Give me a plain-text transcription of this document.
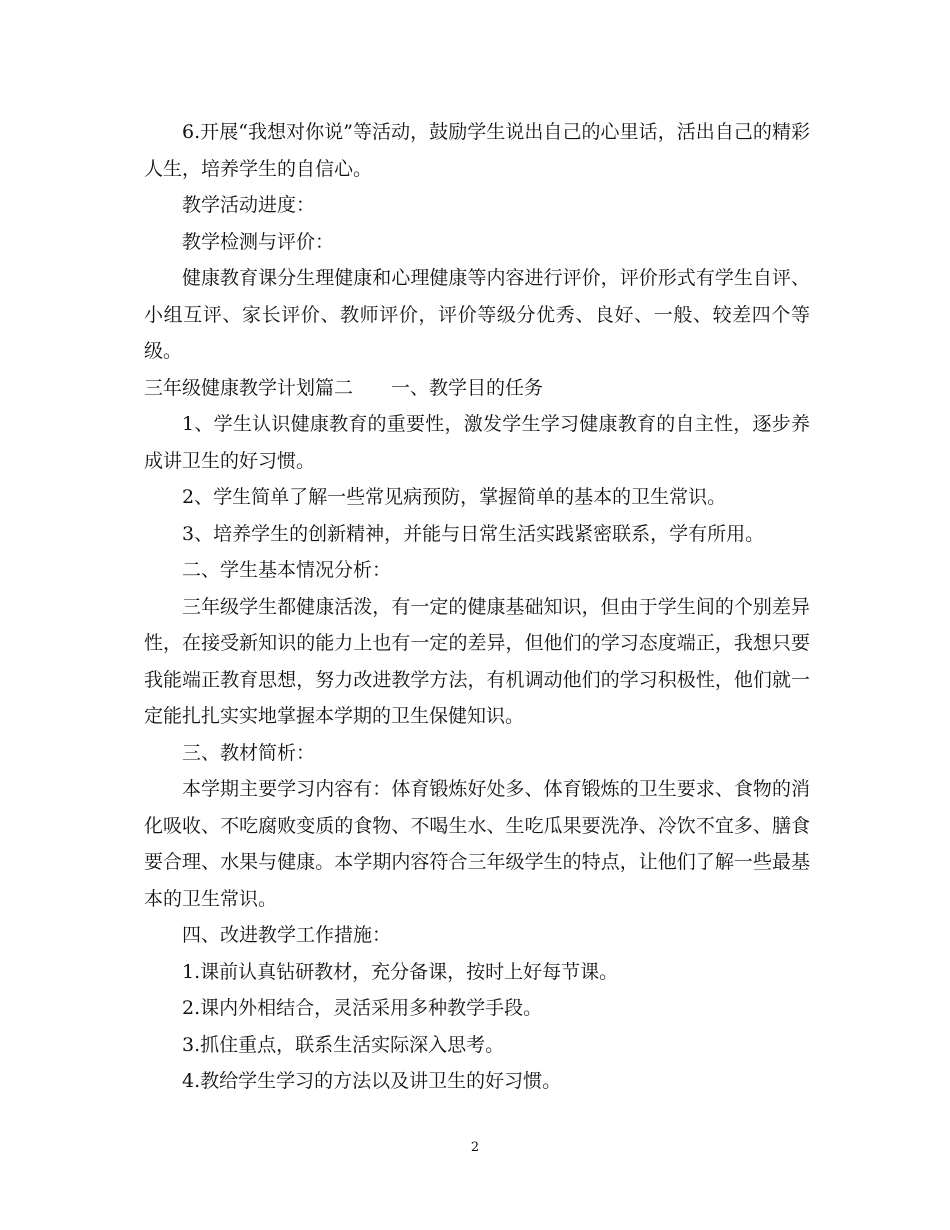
6.开展“我想对你说”等活动，鼓励学生说出自己的心里话，活出自己的精彩人生，培养学生的自信心。

教学活动进度：

教学检测与评价：

健康教育课分生理健康和心理健康等内容进行评价，评价形式有学生自评、小组互评、家长评价、教师评价，评价等级分优秀、良好、一般、较差四个等级。

三年级健康教学计划篇二　　一、教学目的任务

1、学生认识健康教育的重要性，激发学生学习健康教育的自主性，逐步养成讲卫生的好习惯。

2、学生简单了解一些常见病预防，掌握简单的基本的卫生常识。

3、培养学生的创新精神，并能与日常生活实践紧密联系，学有所用。

二、学生基本情况分析：

三年级学生都健康活泼，有一定的健康基础知识，但由于学生间的个别差异性，在接受新知识的能力上也有一定的差异，但他们的学习态度端正，我想只要我能端正教育思想，努力改进教学方法，有机调动他们的学习积极性，他们就一定能扎扎实实地掌握本学期的卫生保健知识。

三、教材简析：

本学期主要学习内容有：体育锻炼好处多、体育锻炼的卫生要求、食物的消化吸收、不吃腐败变质的食物、不喝生水、生吃瓜果要洗净、冷饮不宜多、膳食要合理、水果与健康。本学期内容符合三年级学生的特点，让他们了解一些最基本的卫生常识。

四、改进教学工作措施：

1.课前认真钻研教材，充分备课，按时上好每节课。

2.课内外相结合，灵活采用多种教学手段。

3.抓住重点，联系生活实际深入思考。

4.教给学生学习的方法以及讲卫生的好习惯。

2
